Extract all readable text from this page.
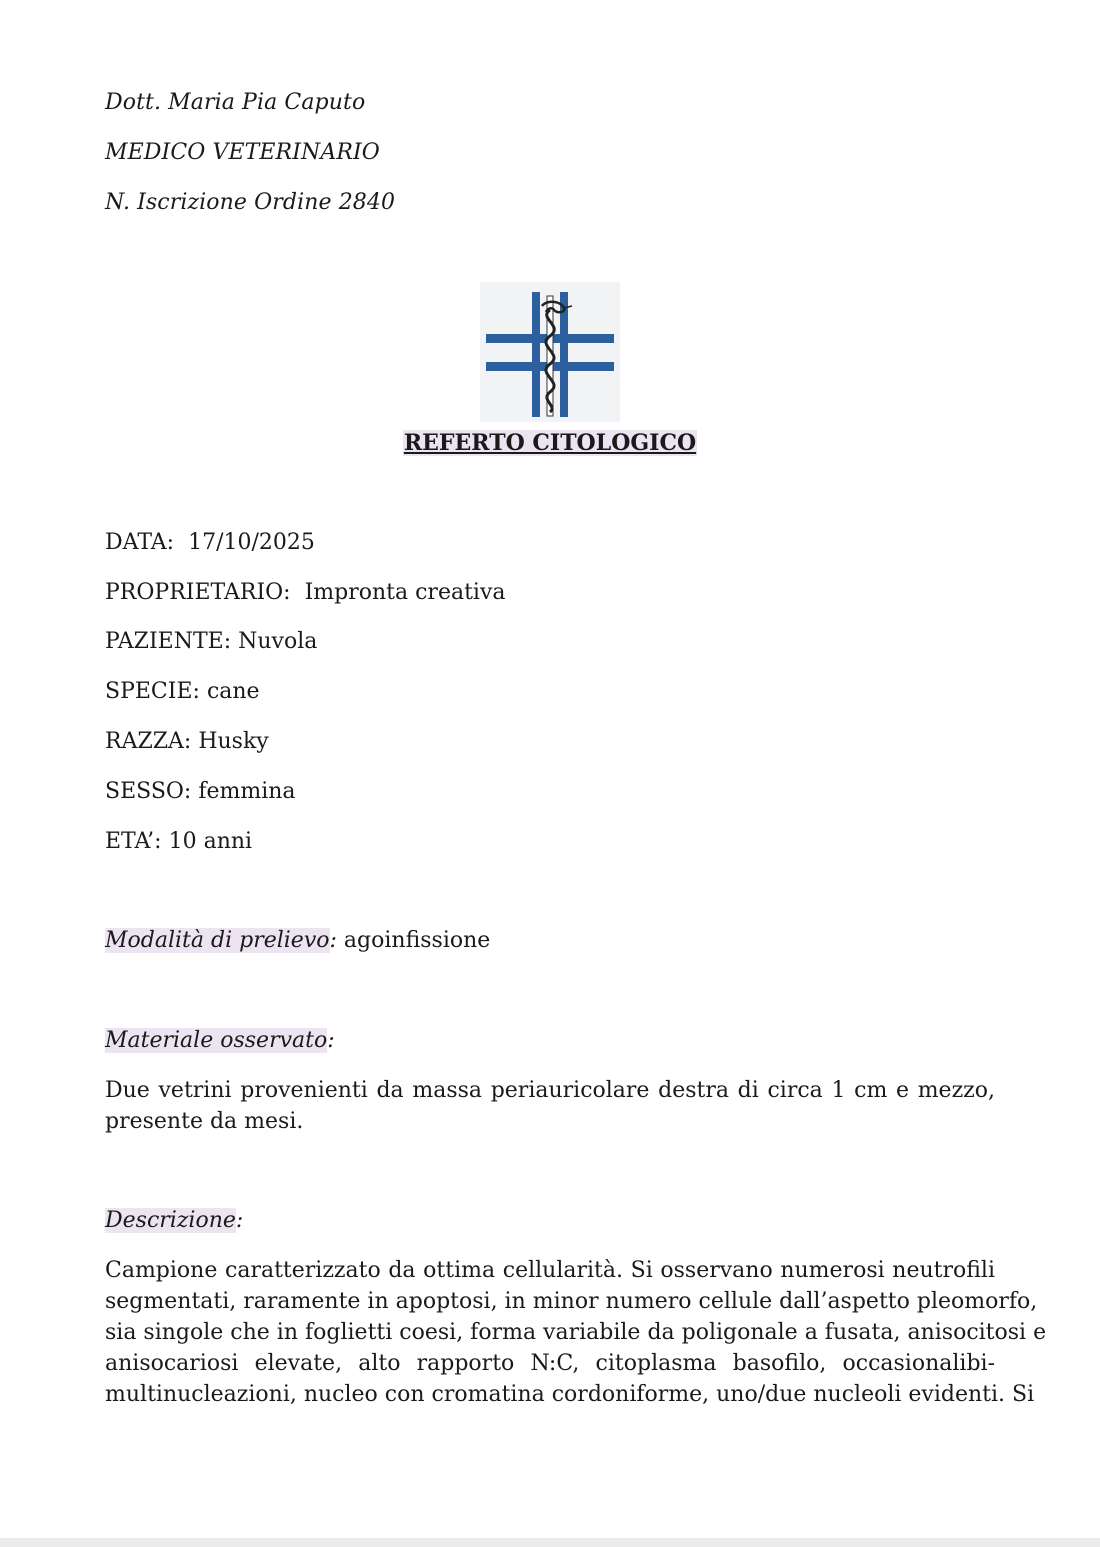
Dott. Maria Pia Caputo
MEDICO VETERINARIO
N. Iscrizione Ordine 2840
REFERTO CITOLOGICO
DATA: 17/10/2025
PROPRIETARIO: Impronta creativa
PAZIENTE: Nuvola
SPECIE: cane
RAZZA: Husky
SESSO: femmina
ETA’: 10 anni
Modalità di prelievo: agoinfissione
Materiale osservato:
Due vetrini provenienti da massa periauricolare destra di circa 1 cm e mezzo,
presente da mesi.
Descrizione:
Campione caratterizzato da ottima cellularità. Si osservano numerosi neutrofili
segmentati, raramente in apoptosi, in minor numero cellule dall’aspetto pleomorfo,
sia singole che in foglietti coesi, forma variabile da poligonale a fusata, anisocitosi e
anisocariosi elevate, alto rapporto N:C, citoplasma basofilo, occasionalibi-
multinucleazioni, nucleo con cromatina cordoniforme, uno/due nucleoli evidenti. Si
